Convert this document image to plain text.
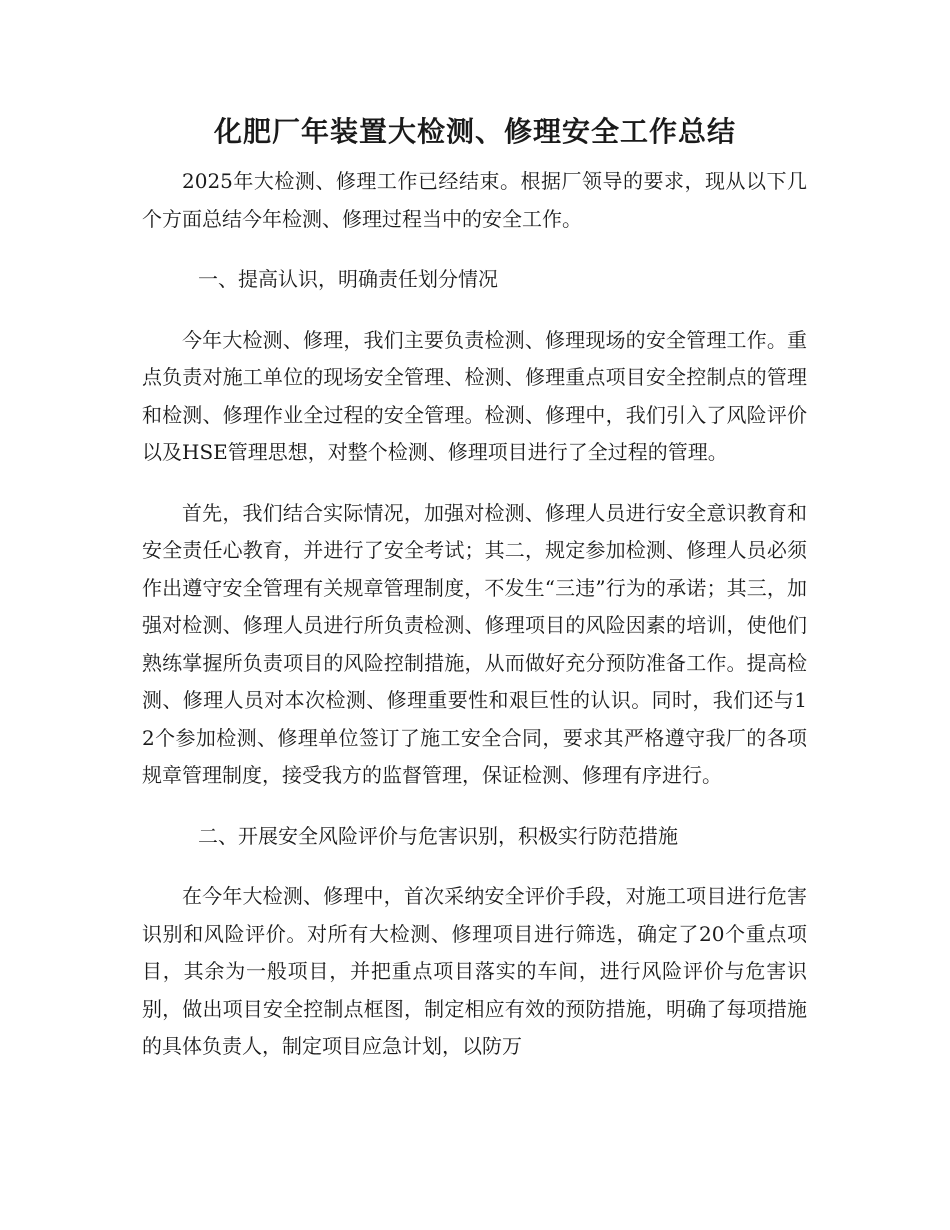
化肥厂年装置大检测、修理安全工作总结

2025年大检测、修理工作已经结束。根据厂领导的要求，现从以下几个方面总结今年检测、修理过程当中的安全工作。

一、提高认识，明确责任划分情况

今年大检测、修理，我们主要负责检测、修理现场的安全管理工作。重点负责对施工单位的现场安全管理、检测、修理重点项目安全控制点的管理和检测、修理作业全过程的安全管理。检测、修理中，我们引入了风险评价以及HSE管理思想，对整个检测、修理项目进行了全过程的管理。

首先，我们结合实际情况，加强对检测、修理人员进行安全意识教育和安全责任心教育，并进行了安全考试；其二，规定参加检测、修理人员必须作出遵守安全管理有关规章管理制度，不发生“三违”行为的承诺；其三，加强对检测、修理人员进行所负责检测、修理项目的风险因素的培训，使他们熟练掌握所负责项目的风险控制措施，从而做好充分预防准备工作。提高检测、修理人员对本次检测、修理重要性和艰巨性的认识。同时，我们还与12个参加检测、修理单位签订了施工安全合同，要求其严格遵守我厂的各项规章管理制度，接受我方的监督管理，保证检测、修理有序进行。

二、开展安全风险评价与危害识别，积极实行防范措施

在今年大检测、修理中，首次采纳安全评价手段，对施工项目进行危害识别和风险评价。对所有大检测、修理项目进行筛选，确定了20个重点项目，其余为一般项目，并把重点项目落实的车间，进行风险评价与危害识别，做出项目安全控制点框图，制定相应有效的预防措施，明确了每项措施的具体负责人，制定项目应急计划，以防万
